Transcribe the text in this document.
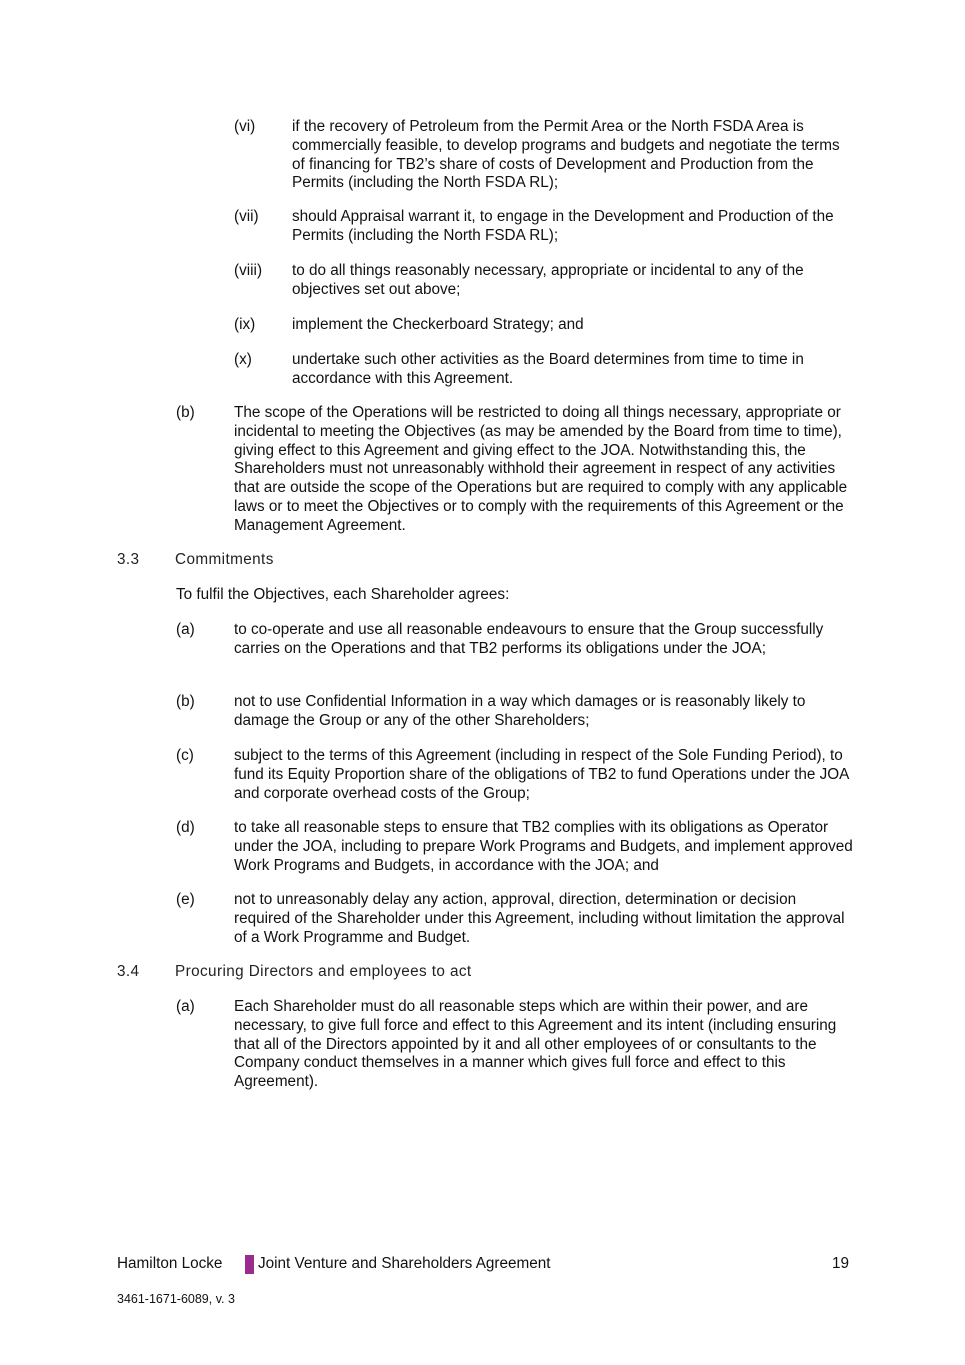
(vi) if the recovery of Petroleum from the Permit Area or the North FSDA Area is commercially feasible, to develop programs and budgets and negotiate the terms of financing for TB2’s share of costs of Development and Production from the Permits (including the North FSDA RL);
(vii) should Appraisal warrant it, to engage in the Development and Production of the Permits (including the North FSDA RL);
(viii) to do all things reasonably necessary, appropriate or incidental to any of the objectives set out above;
(ix) implement the Checkerboard Strategy; and
(x)	undertake such other activities as the Board determines from time to time in accordance with this Agreement.
(b)	The scope of the Operations will be restricted to doing all things necessary, appropriate or incidental to meeting the Objectives (as may be amended by the Board from time to time), giving effect to this Agreement and giving effect to the JOA. Notwithstanding this, the Shareholders must not unreasonably withhold their agreement in respect of any activities that are outside the scope of the Operations but are required to comply with any applicable laws or to meet the Objectives or to comply with the requirements of this Agreement or the Management Agreement.
3.3 Commitments
To fulfil the Objectives, each Shareholder agrees:
(a)	to co-operate and use all reasonable endeavours to ensure that the Group successfully carries on the Operations and that TB2 performs its obligations under the JOA;
(b)	not to use Confidential Information in a way which damages or is reasonably likely to damage the Group or any of the other Shareholders;
(c)	subject to the terms of this Agreement (including in respect of the Sole Funding Period), to fund its Equity Proportion share of the obligations of TB2 to fund Operations under the JOA and corporate overhead costs of the Group;
(d)	to take all reasonable steps to ensure that TB2 complies with its obligations as Operator under the JOA, including to prepare Work Programs and Budgets, and implement approved Work Programs and Budgets, in accordance with the JOA; and
(e)	not to unreasonably delay any action, approval, direction, determination or decision required of the Shareholder under this Agreement, including without limitation the approval of a Work Programme and Budget.
3.4 Procuring Directors and employees to act
(a)	Each Shareholder must do all reasonable steps which are within their power, and are necessary, to give full force and effect to this Agreement and its intent (including ensuring that all of the Directors appointed by it and all other employees of or consultants to the Company conduct themselves in a manner which gives full force and effect to this Agreement).
Hamilton Locke Joint Venture and Shareholders Agreement	19
3461-1671-6089, v. 3
